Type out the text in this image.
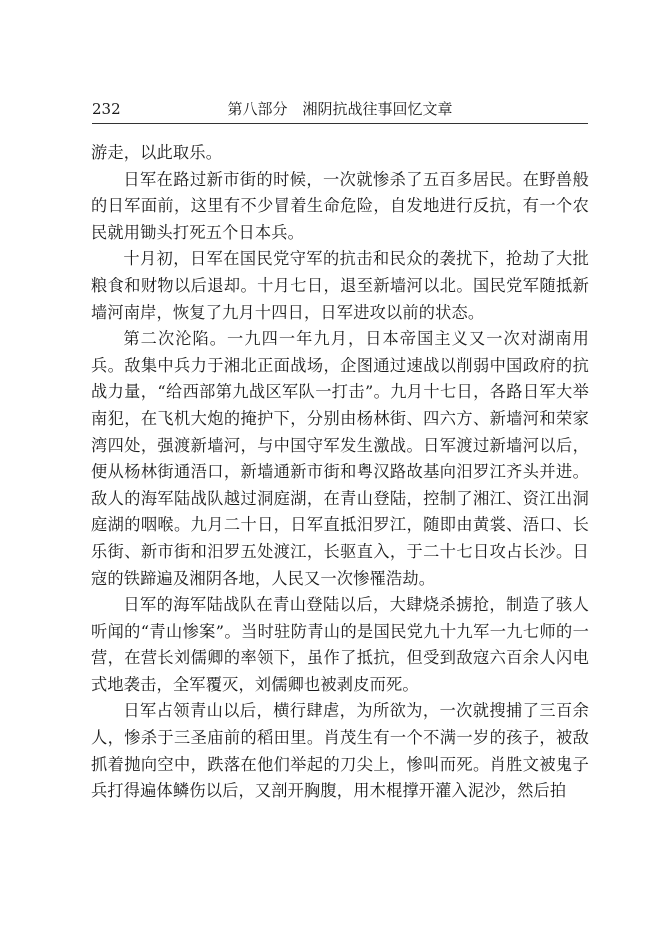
232	第八部分　湘阴抗战往事回忆文章

游走，以此取乐。

日军在路过新市街的时候，一次就惨杀了五百多居民。在野兽般的日军面前，这里有不少冒着生命危险，自发地进行反抗，有一个农民就用锄头打死五个日本兵。

十月初，日军在国民党守军的抗击和民众的袭扰下，抢劫了大批粮食和财物以后退却。十月七日，退至新墙河以北。国民党军随抵新墙河南岸，恢复了九月十四日，日军进攻以前的状态。

第二次沦陷。一九四一年九月，日本帝国主义又一次对湖南用兵。敌集中兵力于湘北正面战场，企图通过速战以削弱中国政府的抗战力量，“给西部第九战区军队一打击”。九月十七日，各路日军大举南犯，在飞机大炮的掩护下，分别由杨林街、四六方、新墙河和荣家湾四处，强渡新墙河，与中国守军发生激战。日军渡过新墙河以后，便从杨林街通浯口，新墙通新市街和粤汉路故基向汨罗江齐头并进。敌人的海军陆战队越过洞庭湖，在青山登陆，控制了湘江、资江出洞庭湖的咽喉。九月二十日，日军直抵汨罗江，随即由黄裳、浯口、长乐街、新市街和汨罗五处渡江，长驱直入，于二十七日攻占长沙。日寇的铁蹄遍及湘阴各地，人民又一次惨罹浩劫。

日军的海军陆战队在青山登陆以后，大肆烧杀掳抢，制造了骇人听闻的“青山惨案”。当时驻防青山的是国民党九十九军一九七师的一营，在营长刘儒卿的率领下，虽作了抵抗，但受到敌寇六百余人闪电式地袭击，全军覆灭，刘儒卿也被剥皮而死。

日军占领青山以后，横行肆虐，为所欲为，一次就搜捕了三百余人，惨杀于三圣庙前的稻田里。肖茂生有一个不满一岁的孩子，被敌抓着抛向空中，跌落在他们举起的刀尖上，惨叫而死。肖胜文被鬼子兵打得遍体鳞伤以后，又剖开胸腹，用木棍撑开灌入泥沙，然后拍
